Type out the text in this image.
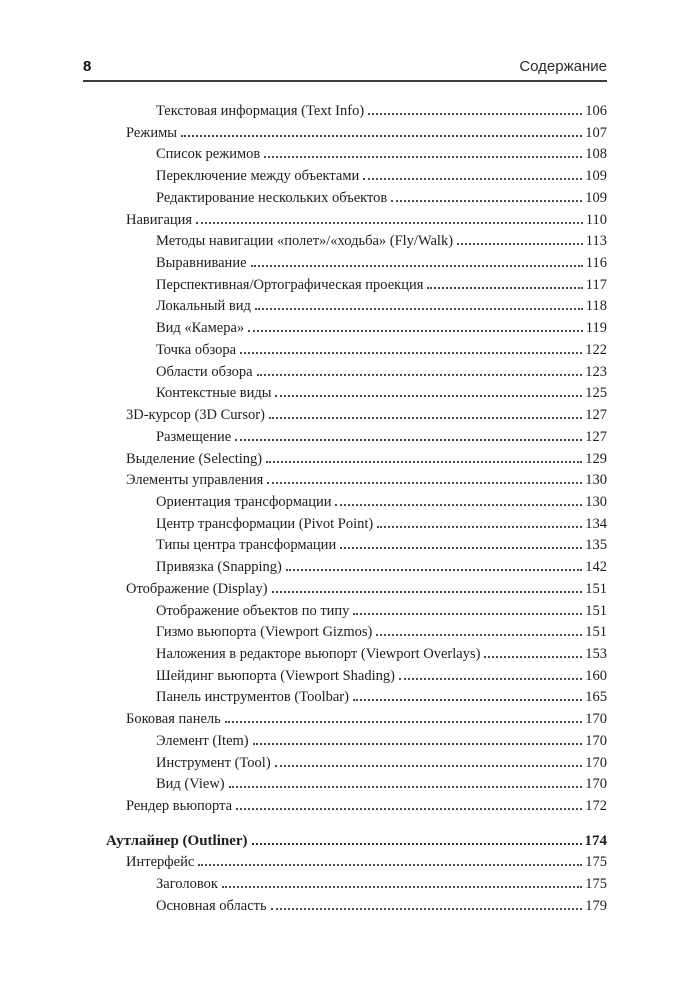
8	Содержание
Текстовая информация (Text Info)	106
Режимы	107
Список режимов	108
Переключение между объектами	109
Редактирование нескольких объектов	109
Навигация	110
Методы навигации «полет»/«ходьба» (Fly/Walk)	113
Выравнивание	116
Перспективная/Ортографическая проекция	117
Локальный вид	118
Вид «Камера»	119
Точка обзора	122
Области обзора	123
Контекстные виды	125
3D-курсор (3D Cursor)	127
Размещение	127
Выделение (Selecting)	129
Элементы управления	130
Ориентация трансформации	130
Центр трансформации (Pivot Point)	134
Типы центра трансформации	135
Привязка (Snapping)	142
Отображение (Display)	151
Отображение объектов по типу	151
Гизмо вьюпорта (Viewport Gizmos)	151
Наложения в редакторе вьюпорт (Viewport Overlays)	153
Шейдинг вьюпорта (Viewport Shading)	160
Панель инструментов (Toolbar)	165
Боковая панель	170
Элемент (Item)	170
Инструмент (Tool)	170
Вид (View)	170
Рендер вьюпорта	172
Аутлайнер (Outliner)	174
Интерфейс	175
Заголовок	175
Основная область	179
